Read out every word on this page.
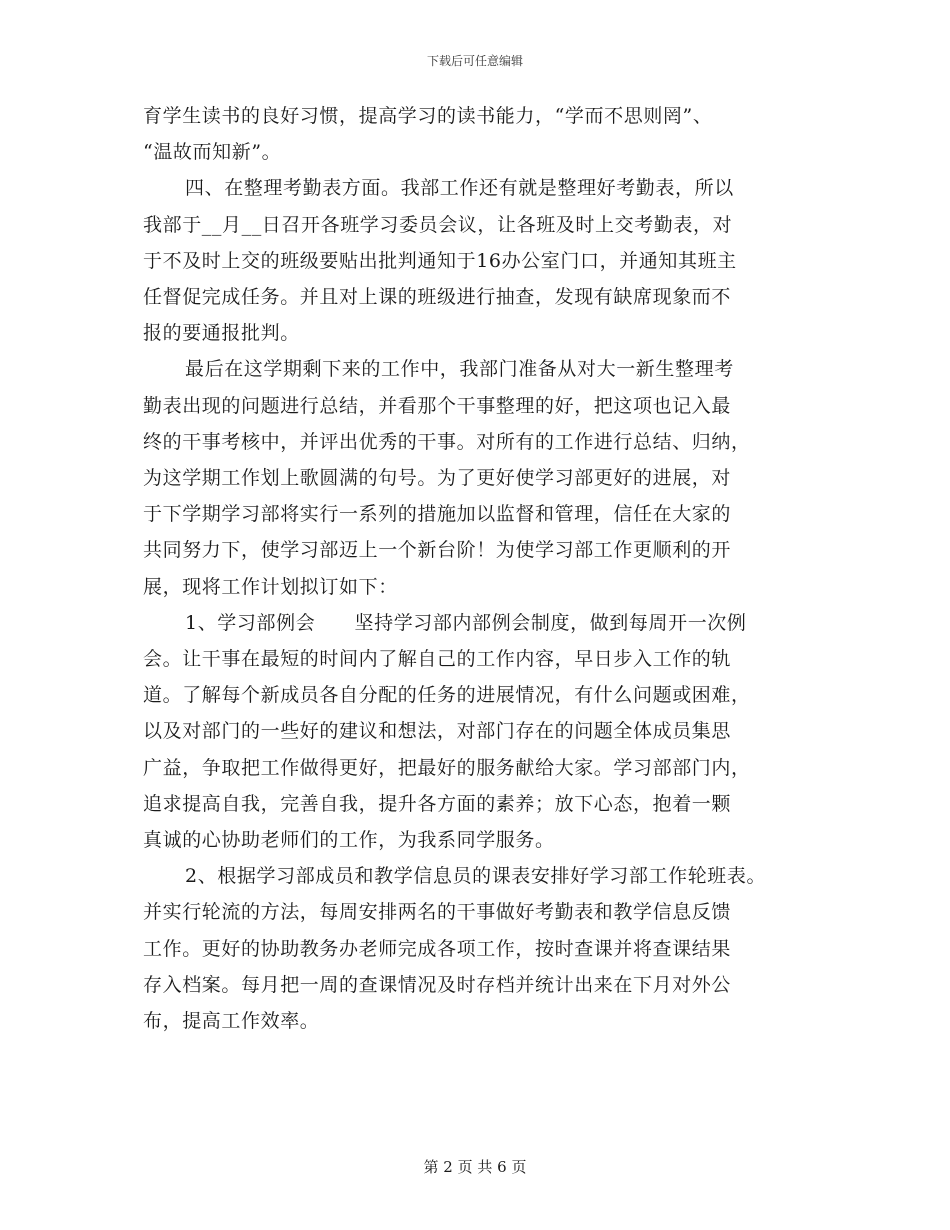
下载后可任意编辑

育学生读书的良好习惯，提高学习的读书能力，“学而不思则罔”、

“温故而知新”。

四、在整理考勤表方面。我部工作还有就是整理好考勤表，所以

我部于__月__日召开各班学习委员会议，让各班及时上交考勤表，对

于不及时上交的班级要贴出批判通知于16办公室门口，并通知其班主

任督促完成任务。并且对上课的班级进行抽查，发现有缺席现象而不

报的要通报批判。

最后在这学期剩下来的工作中，我部门准备从对大一新生整理考

勤表出现的问题进行总结，并看那个干事整理的好，把这项也记入最

终的干事考核中，并评出优秀的干事。对所有的工作进行总结、归纳，

为这学期工作划上歌圆满的句号。为了更好使学习部更好的进展，对

于下学期学习部将实行一系列的措施加以监督和管理，信任在大家的

共同努力下，使学习部迈上一个新台阶！为使学习部工作更顺利的开

展，现将工作计划拟订如下：

1、学习部例会　　坚持学习部内部例会制度，做到每周开一次例

会。让干事在最短的时间内了解自己的工作内容，早日步入工作的轨

道。了解每个新成员各自分配的任务的进展情况，有什么问题或困难，

以及对部门的一些好的建议和想法，对部门存在的问题全体成员集思

广益，争取把工作做得更好，把最好的服务献给大家。学习部部门内，

追求提高自我，完善自我，提升各方面的素养；放下心态，抱着一颗

真诚的心协助老师们的工作，为我系同学服务。

2、根据学习部成员和教学信息员的课表安排好学习部工作轮班表。

并实行轮流的方法，每周安排两名的干事做好考勤表和教学信息反馈

工作。更好的协助教务办老师完成各项工作，按时查课并将查课结果

存入档案。每月把一周的查课情况及时存档并统计出来在下月对外公

布，提高工作效率。

第 2 页 共 6 页
